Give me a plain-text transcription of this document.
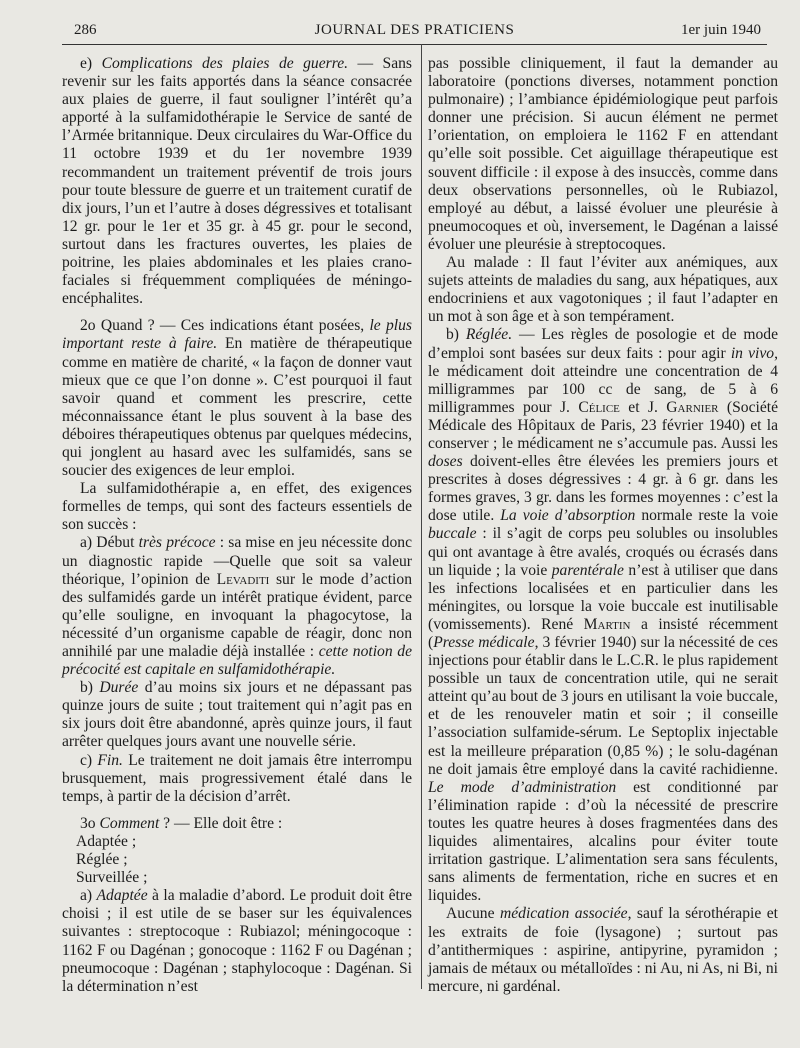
286	JOURNAL DES PRATICIENS	1er juin 1940

e) Complications des plaies de guerre. — Sans revenir sur les faits apportés dans la séance consacrée aux plaies de guerre, il faut souligner l’intérêt qu’a apporté à la sulfamidothérapie le Service de santé de l’Armée britannique. Deux circulaires du War-Office du 11 octobre 1939 et du 1er novembre 1939 recommandent un traitement préventif de trois jours pour toute blessure de guerre et un traitement curatif de dix jours, l’un et l’autre à doses dégressives et totalisant 12 gr. pour le 1er et 35 gr. à 45 gr. pour le second, surtout dans les fractures ouvertes, les plaies de poitrine, les plaies abdominales et les plaies crano-faciales si fréquemment compliquées de méningo-encéphalites.

2o Quand ? — Ces indications étant posées, le plus important reste à faire. En matière de thérapeutique comme en matière de charité, « la façon de donner vaut mieux que ce que l’on donne ». C’est pourquoi il faut savoir quand et comment les prescrire, cette méconnaissance étant le plus souvent à la base des déboires thérapeutiques obtenus par quelques médecins, qui jonglent au hasard avec les sulfamidés, sans se soucier des exigences de leur emploi.

La sulfamidothérapie a, en effet, des exigences formelles de temps, qui sont des facteurs essentiels de son succès :

a) Début très précoce : sa mise en jeu nécessite donc un diagnostic rapide —Quelle que soit sa valeur théorique, l’opinion de Levaditi sur le mode d’action des sulfamidés garde un intérêt pratique évident, parce qu’elle souligne, en invoquant la phagocytose, la nécessité d’un organisme capable de réagir, donc non annihilé par une maladie déjà installée : cette notion de précocité est capitale en sulfamidothérapie.

b) Durée d’au moins six jours et ne dépassant pas quinze jours de suite ; tout traitement qui n’agit pas en six jours doit être abandonné, après quinze jours, il faut arrêter quelques jours avant une nouvelle série.

c) Fin. Le traitement ne doit jamais être interrompu brusquement, mais progressivement étalé dans le temps, à partir de la décision d’arrêt.

3o Comment ? — Elle doit être :

Adaptée ;

Réglée ;

Surveillée ;

a) Adaptée à la maladie d’abord. Le produit doit être choisi ; il est utile de se baser sur les équivalences suivantes : streptocoque : Rubiazol; méningocoque : 1162 F ou Dagénan ; gonocoque : 1162 F ou Dagénan ; pneumocoque : Dagénan ; staphylocoque : Dagénan. Si la détermination n’est

pas possible cliniquement, il faut la demander au laboratoire (ponctions diverses, notamment ponction pulmonaire) ; l’ambiance épidémiologique peut parfois donner une précision. Si aucun élément ne permet l’orientation, on emploiera le 1162 F en attendant qu’elle soit possible. Cet aiguillage thérapeutique est souvent difficile : il expose à des insuccès, comme dans deux observations personnelles, où le Rubiazol, employé au début, a laissé évoluer une pleurésie à pneumocoques et où, inversement, le Dagénan a laissé évoluer une pleurésie à streptocoques.

Au malade : Il faut l’éviter aux anémiques, aux sujets atteints de maladies du sang, aux hépatiques, aux endocriniens et aux vagotoniques ; il faut l’adapter en un mot à son âge et à son tempérament.

b) Réglée. — Les règles de posologie et de mode d’emploi sont basées sur deux faits : pour agir in vivo, le médicament doit atteindre une concentration de 4 milligrammes par 100 cc de sang, de 5 à 6 milligrammes pour J. Célice et J. Garnier (Société Médicale des Hôpitaux de Paris, 23 février 1940) et la conserver ; le médicament ne s’accumule pas. Aussi les doses doivent-elles être élevées les premiers jours et prescrites à doses dégressives : 4 gr. à 6 gr. dans les formes graves, 3 gr. dans les formes moyennes : c’est la dose utile. La voie d’absorption normale reste la voie buccale : il s’agit de corps peu solubles ou insolubles qui ont avantage à être avalés, croqués ou écrasés dans un liquide ; la voie parentérale n’est à utiliser que dans les infections localisées et en particulier dans les méningites, ou lorsque la voie buccale est inutilisable (vomissements). René Martin a insisté récemment (Presse médicale, 3 février 1940) sur la nécessité de ces injections pour établir dans le L.C.R. le plus rapidement possible un taux de concentration utile, qui ne serait atteint qu’au bout de 3 jours en utilisant la voie buccale, et de les renouveler matin et soir ; il conseille l’association sulfamide-sérum. Le Septoplix injectable est la meilleure préparation (0,85 %) ; le solu-dagénan ne doit jamais être employé dans la cavité rachidienne. Le mode d’administration est conditionné par l’élimination rapide : d’où la nécessité de prescrire toutes les quatre heures à doses fragmentées dans des liquides alimentaires, alcalins pour éviter toute irritation gastrique. L’alimentation sera sans féculents, sans aliments de fermentation, riche en sucres et en liquides.

Aucune médication associée, sauf la sérothérapie et les extraits de foie (lysagone) ; surtout pas d’antithermiques : aspirine, antipyrine, pyramidon ; jamais de métaux ou métalloïdes : ni Au, ni As, ni Bi, ni mercure, ni gardénal.
